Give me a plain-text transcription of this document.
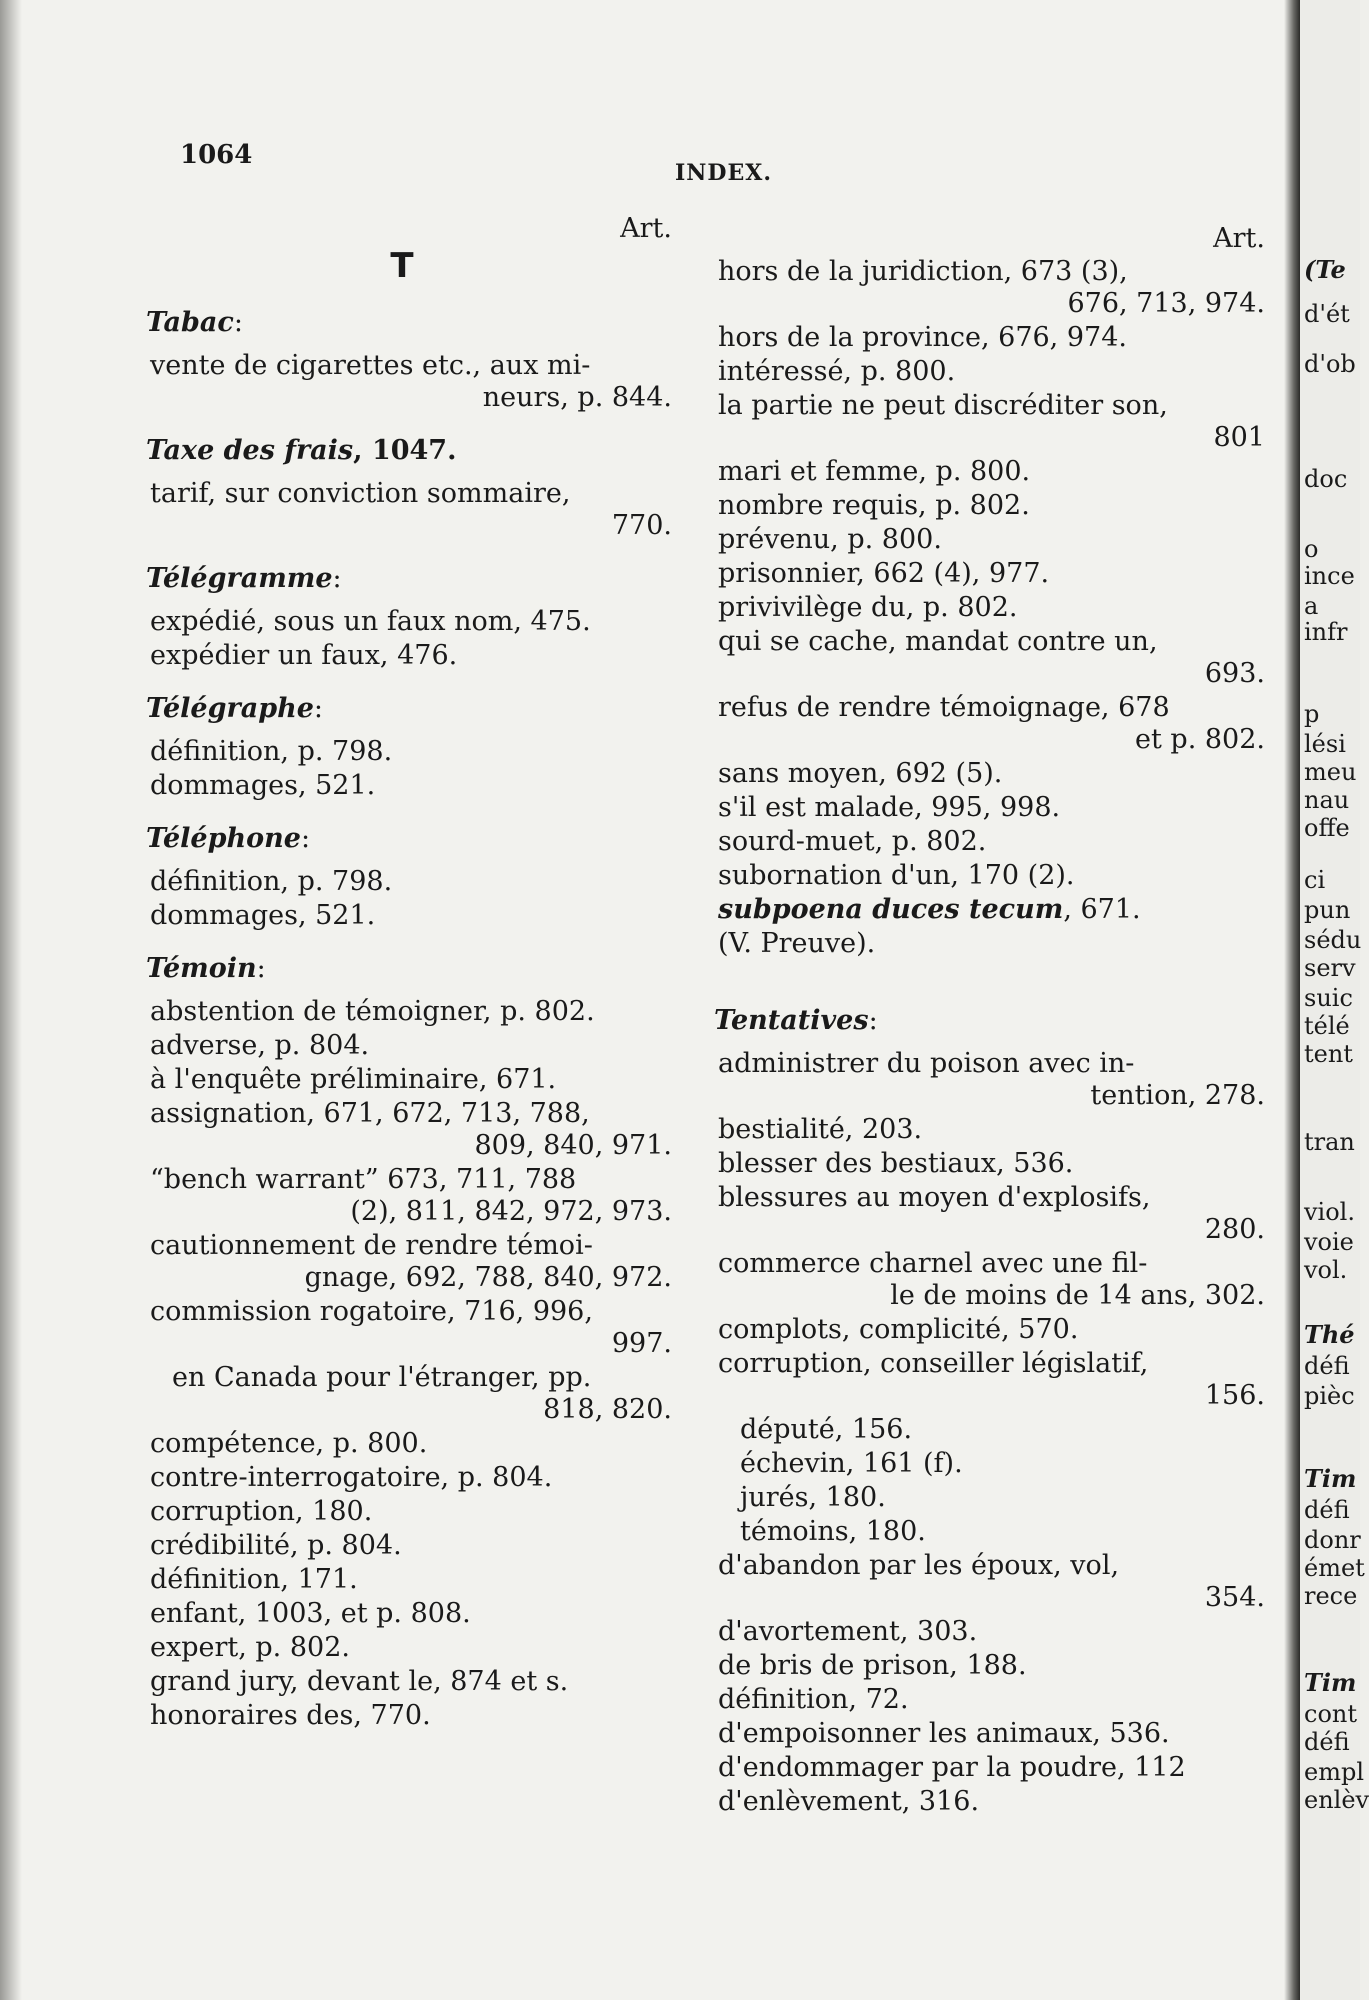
(Te
d'ét
d'ob
doc
o
ince
a
infr
p
lési
meu
nau
offe
ci
pun
sédu
serv
suic
télé
tent
tran
viol.
voie
vol.
Thé
défi
pièc
Tim
défi
donr
émet
rece
Tim
cont
défi
empl
enlèv
1064
INDEX.
Art.
T
Tabac:
vente de cigarettes etc., aux mi-
neurs, p. 844.
Taxe des frais, 1047.
tarif, sur conviction sommaire,
770.
Télégramme:
expédié, sous un faux nom, 475.
expédier un faux, 476.
Télégraphe:
définition, p. 798.
dommages, 521.
Téléphone:
définition, p. 798.
dommages, 521.
Témoin:
abstention de témoigner, p. 802.
adverse, p. 804.
à l'enquête préliminaire, 671.
assignation, 671, 672, 713, 788,
809, 840, 971.
“bench warrant” 673, 711, 788
(2), 811, 842, 972, 973.
cautionnement de rendre témoi-
gnage, 692, 788, 840, 972.
commission rogatoire, 716, 996,
997.
en Canada pour l'étranger, pp.
818, 820.
compétence, p. 800.
contre-interrogatoire, p. 804.
corruption, 180.
crédibilité, p. 804.
définition, 171.
enfant, 1003, et p. 808.
expert, p. 802.
grand jury, devant le, 874 et s.
honoraires des, 770.
Art.
hors de la juridiction, 673 (3),
676, 713, 974.
hors de la province, 676, 974.
intéressé, p. 800.
la partie ne peut discréditer son,
801
mari et femme, p. 800.
nombre requis, p. 802.
prévenu, p. 800.
prisonnier, 662 (4), 977.
privivilège du, p. 802.
qui se cache, mandat contre un,
693.
refus de rendre témoignage, 678
et p. 802.
sans moyen, 692 (5).
s'il est malade, 995, 998.
sourd-muet, p. 802.
subornation d'un, 170 (2).
subpoena duces tecum, 671.
(V. Preuve).
Tentatives:
administrer du poison avec in-
tention, 278.
bestialité, 203.
blesser des bestiaux, 536.
blessures au moyen d'explosifs,
280.
commerce charnel avec une fil-
le de moins de 14 ans, 302.
complots, complicité, 570.
corruption, conseiller législatif,
156.
député, 156.
échevin, 161 (f).
jurés, 180.
témoins, 180.
d'abandon par les époux, vol,
354.
d'avortement, 303.
de bris de prison, 188.
définition, 72.
d'empoisonner les animaux, 536.
d'endommager par la poudre, 112
d'enlèvement, 316.
